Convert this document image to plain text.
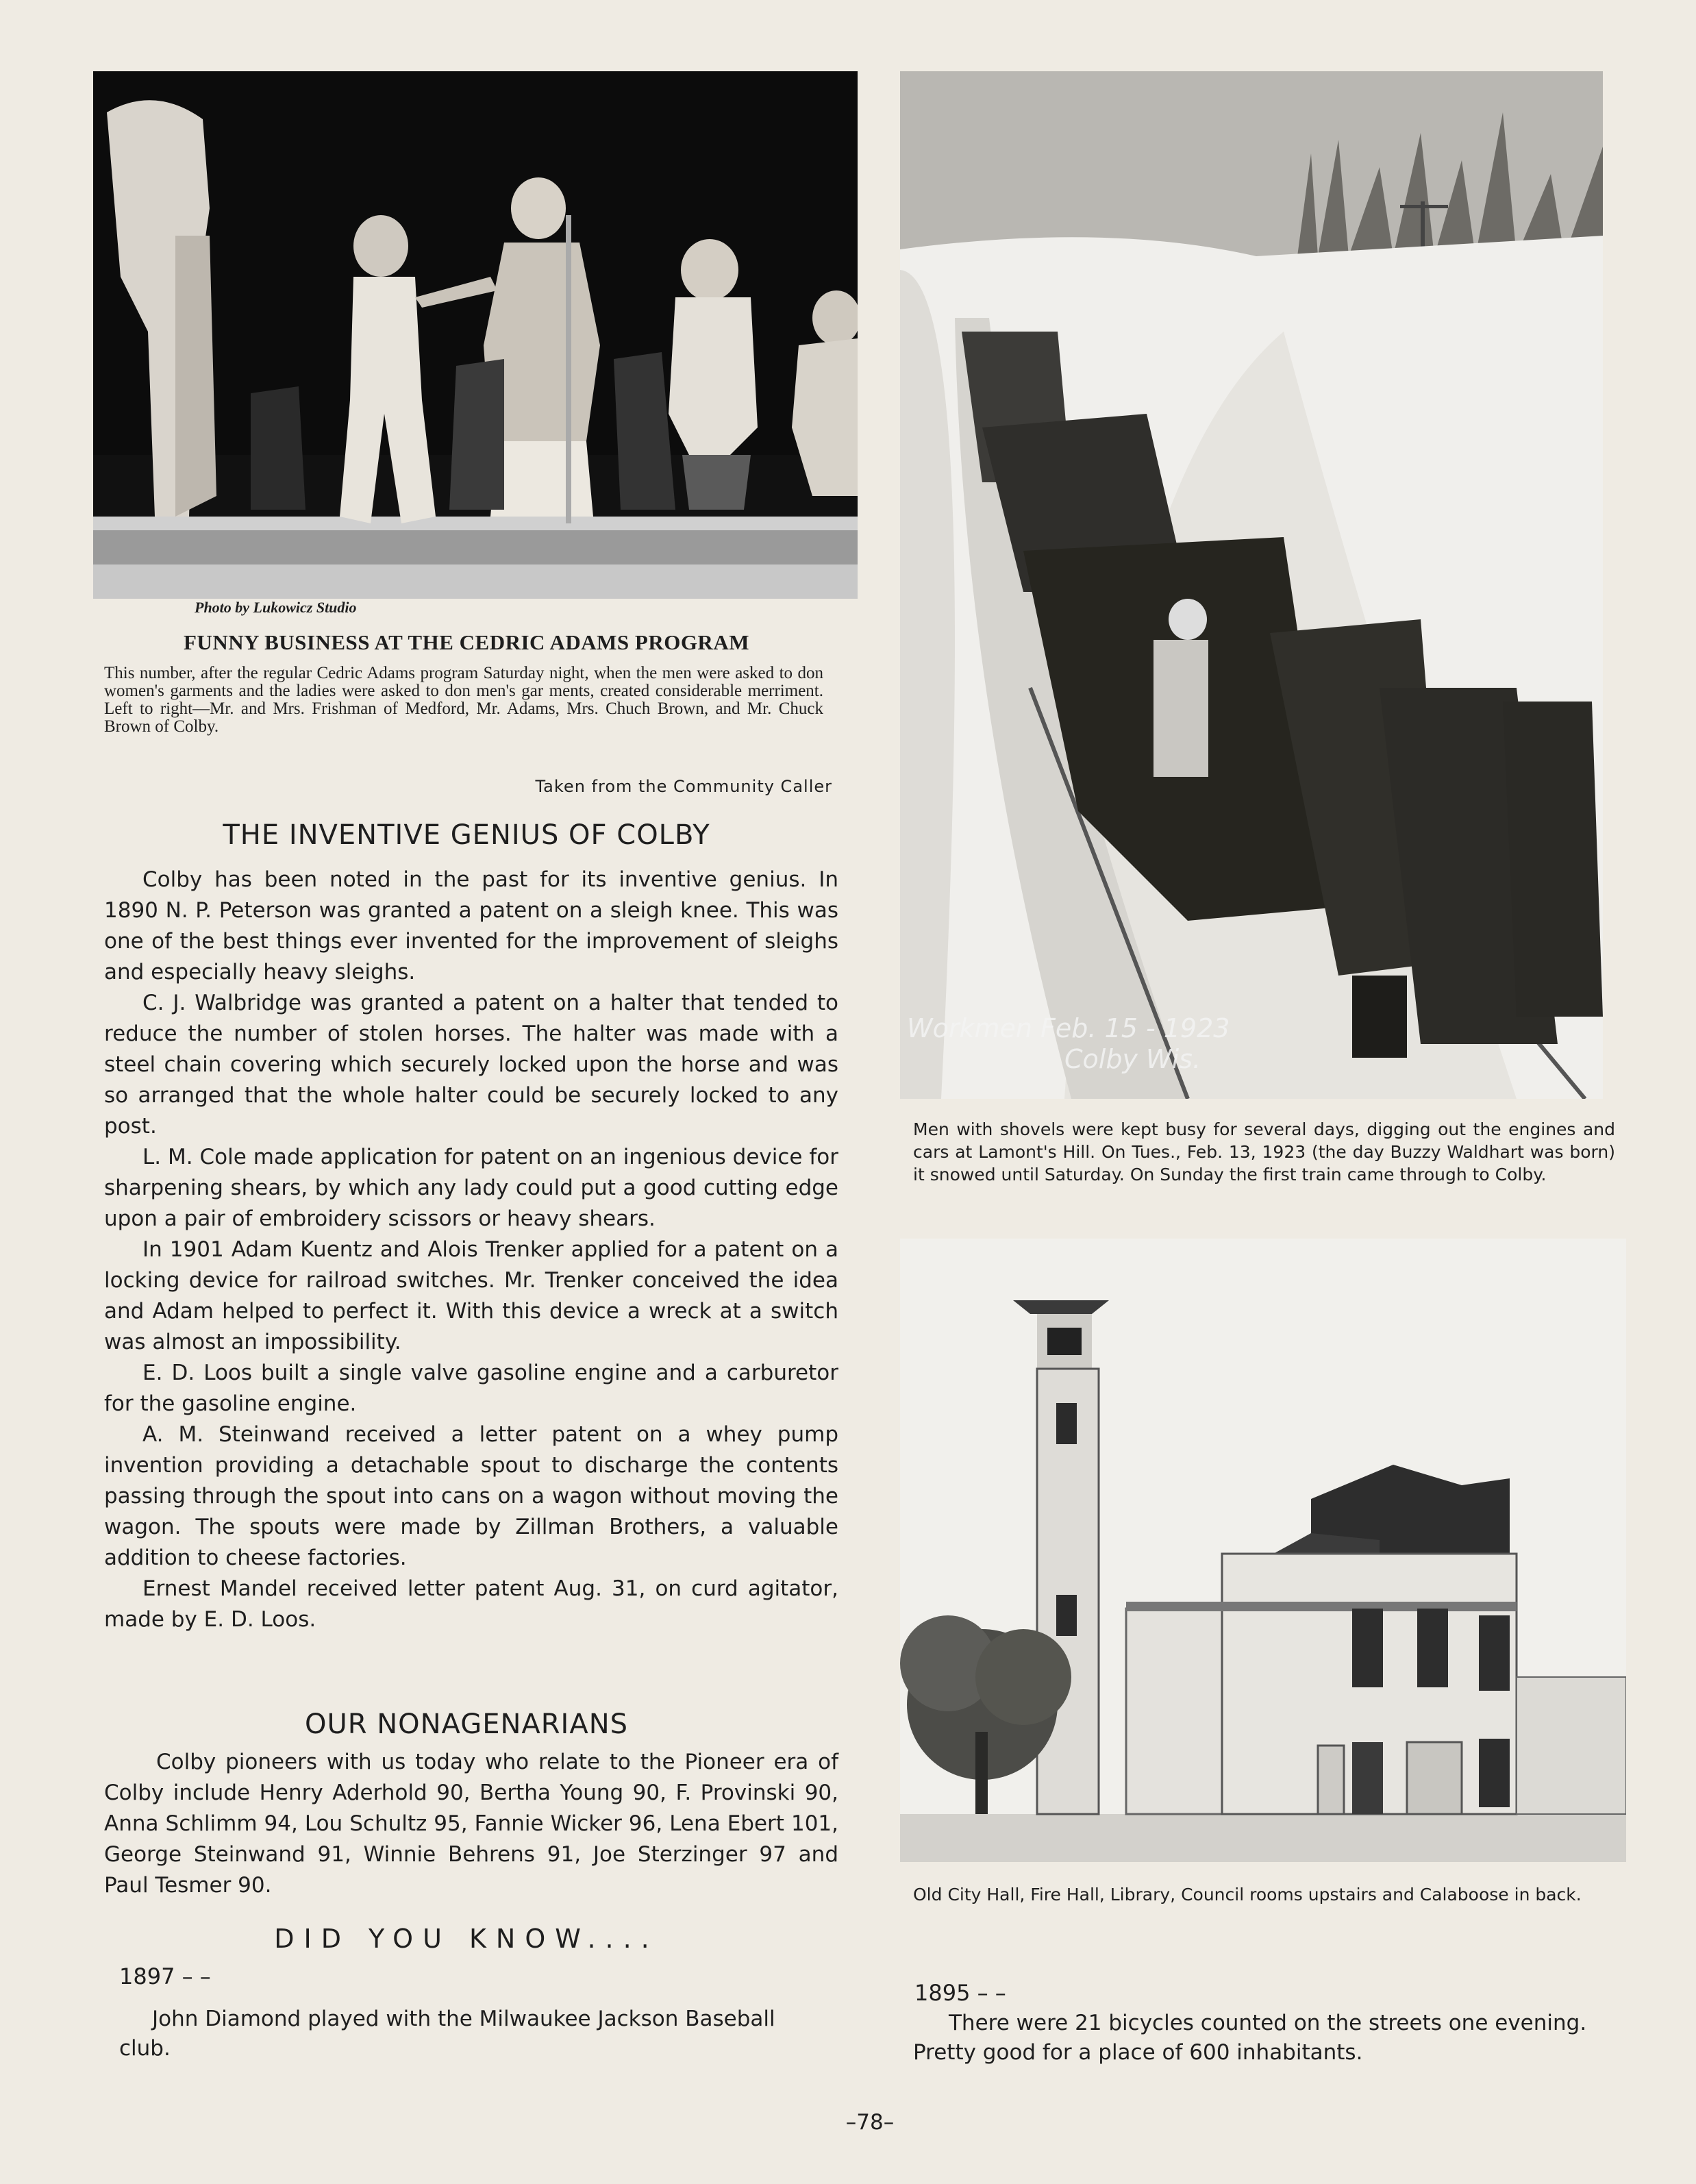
Photo by Lukowicz Studio
FUNNY BUSINESS AT THE CEDRIC ADAMS PROGRAM
This number, after the regular Cedric Adams program Saturday night, when the men were asked to don women's garments and the ladies were asked to don men's gar ments, created considerable merriment. Left to right—Mr. and Mrs. Frishman of Medford, Mr. Adams, Mrs. Chuch Brown, and Mr. Chuck Brown of Colby.
Taken from the Community Caller
THE INVENTIVE GENIUS OF COLBY

Colby has been noted in the past for its inventive genius. In 1890 N. P. Peterson was granted a patent on a sleigh knee. This was one of the best things ever invented for the improvement of sleighs and especially heavy sleighs.

C. J. Walbridge was granted a patent on a halter that tended to reduce the number of stolen horses. The halter was made with a steel chain covering which securely locked upon the horse and was so arranged that the whole halter could be securely locked to any post.

L. M. Cole made application for patent on an ingenious device for sharpening shears, by which any lady could put a good cutting edge upon a pair of embroidery scissors or heavy shears.

In 1901 Adam Kuentz and Alois Trenker applied for a patent on a locking device for railroad switches. Mr. Trenker conceived the idea and Adam helped to perfect it. With this device a wreck at a switch was almost an impossibility.

E. D. Loos built a single valve gasoline engine and a carburetor for the gasoline engine.

A. M. Steinwand received a letter patent on a whey pump invention providing a detachable spout to discharge the contents passing through the spout into cans on a wagon without moving the wagon. The spouts were made by Zillman Brothers, a valuable addition to cheese factories.

Ernest Mandel received letter patent Aug. 31, on curd agitator, made by E. D. Loos.

OUR NONAGENARIANS

Colby pioneers with us today who relate to the Pioneer era of Colby include Henry Aderhold 90, Bertha Young 90, F. Provinski 90, Anna Schlimm 94, Lou Schultz 95, Fannie Wicker 96, Lena Ebert 101, George Steinwand 91, Winnie Behrens 91, Joe Sterzinger 97 and Paul Tesmer 90.

DID YOU KNOW....
1897 – –
John Diamond played with the Milwaukee Jackson Baseball club.
Workmen Feb. 15 - 1923
Colby Wis.
Men with shovels were kept busy for several days, digging out the engines and cars at Lamont's Hill. On Tues., Feb. 13, 1923 (the day Buzzy Waldhart was born) it snowed until Saturday. On Sunday the first train came through to Colby.
Old City Hall, Fire Hall, Library, Council rooms upstairs and Calaboose in back.
1895 – –
There were 21 bicycles counted on the streets one evening. Pretty good for a place of 600 inhabitants.
–78–
